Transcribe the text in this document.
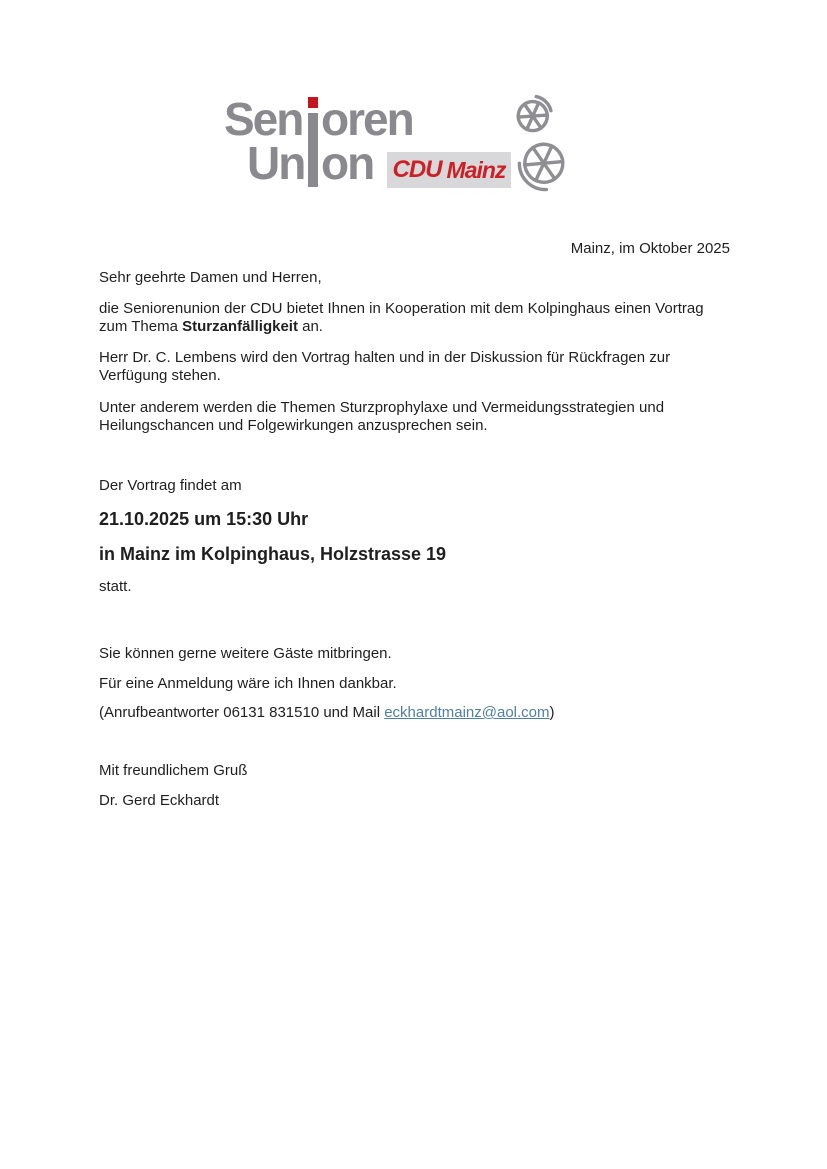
Sen oren
Un on CDU Mainz

Mainz, im Oktober 2025

Sehr geehrte Damen und Herren,

die Seniorenunion der CDU bietet Ihnen in Kooperation mit dem Kolpinghaus einen Vortrag zum Thema Sturzanfälligkeit an.

Herr Dr. C. Lembens wird den Vortrag halten und in der Diskussion für Rückfragen zur Verfügung stehen.

Unter anderem werden die Themen Sturzprophylaxe und Vermeidungsstrategien und Heilungschancen und Folgewirkungen anzusprechen sein.

Der Vortrag findet am

21.10.2025 um 15:30 Uhr

in Mainz im Kolpinghaus, Holzstrasse 19

statt.

Sie können gerne weitere Gäste mitbringen.

Für eine Anmeldung wäre ich Ihnen dankbar.

(Anrufbeantworter 06131 831510 und Mail eckhardtmainz@aol.com)

Mit freundlichem Gruß

Dr. Gerd Eckhardt
